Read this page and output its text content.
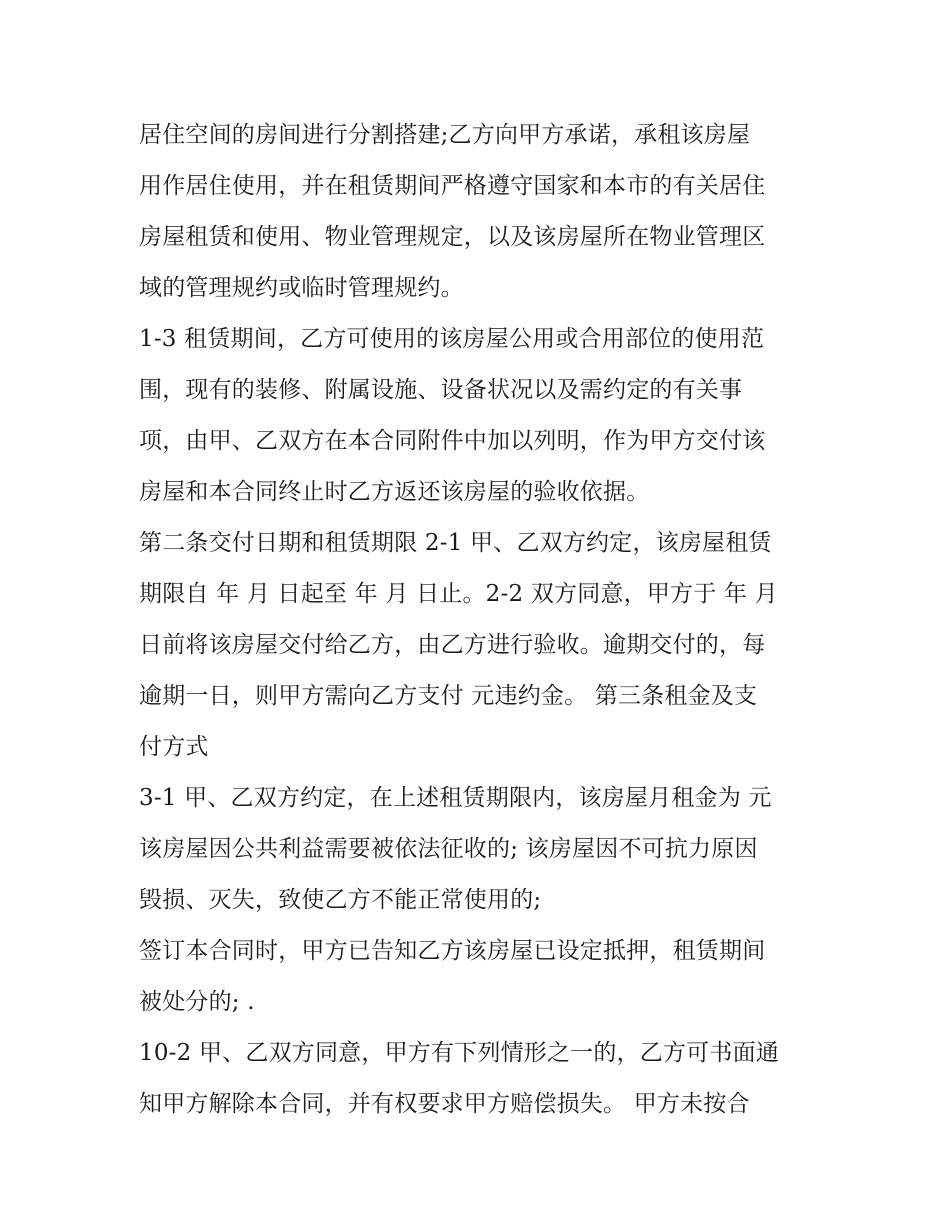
居住空间的房间进行分割搭建;乙方向甲方承诺，承租该房屋
用作居住使用，并在租赁期间严格遵守国家和本市的有关居住
房屋租赁和使用、物业管理规定，以及该房屋所在物业管理区
域的管理规约或临时管理规约。
1-3 租赁期间，乙方可使用的该房屋公用或合用部位的使用范
围，现有的装修、附属设施、设备状况以及需约定的有关事
项，由甲、乙双方在本合同附件中加以列明，作为甲方交付该
房屋和本合同终止时乙方返还该房屋的验收依据。
第二条交付日期和租赁期限 2-1 甲、乙双方约定，该房屋租赁
期限自 年 月 日起至 年 月 日止。2-2 双方同意，甲方于 年 月
日前将该房屋交付给乙方，由乙方进行验收。逾期交付的，每
逾期一日，则甲方需向乙方支付 元违约金。 第三条租金及支
付方式
3-1 甲、乙双方约定，在上述租赁期限内，该房屋月租金为 元
该房屋因公共利益需要被依法征收的; 该房屋因不可抗力原因
毁损、灭失，致使乙方不能正常使用的;
签订本合同时，甲方已告知乙方该房屋已设定抵押，租赁期间
被处分的; .
10-2 甲、乙双方同意，甲方有下列情形之一的，乙方可书面通
知甲方解除本合同，并有权要求甲方赔偿损失。 甲方未按合
